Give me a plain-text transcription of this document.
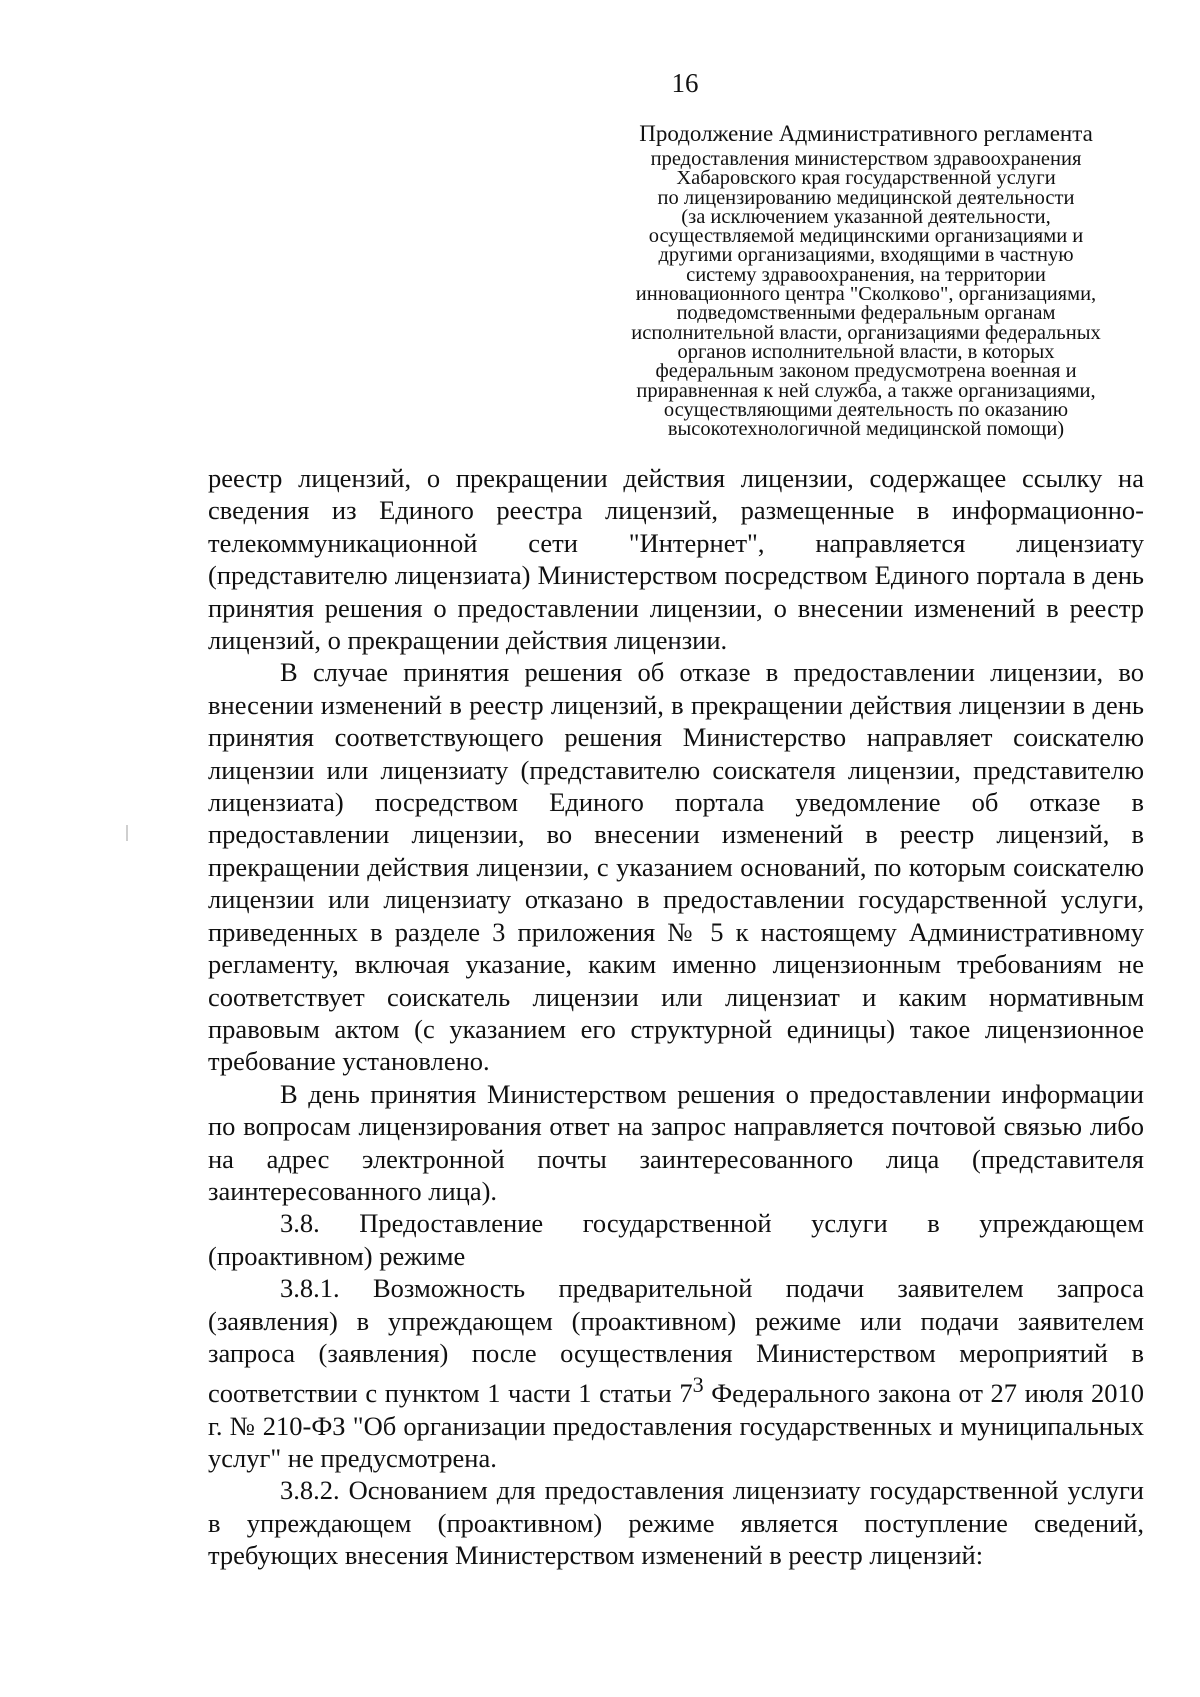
16
Продолжение Административного регламента
предоставления министерством здравоохранения
Хабаровского края государственной услуги
по лицензированию медицинской деятельности
(за исключением указанной деятельности,
осуществляемой медицинскими организациями и
другими организациями, входящими в частную
систему здравоохранения, на территории
инновационного центра "Сколково", организациями,
подведомственными федеральным органам
исполнительной власти, организациями федеральных
органов исполнительной власти, в которых
федеральным законом предусмотрена военная и
приравненная к ней служба, а также организациями,
осуществляющими деятельность по оказанию
высокотехнологичной медицинской помощи)

реестр лицензий, о прекращении действия лицензии, содержащее ссылку на сведения из Единого реестра лицензий, размещенные в информационно-телекоммуникационной сети "Интернет", направляется лицензиату (представителю лицензиата) Министерством посредством Единого портала в день принятия решения о предоставлении лицензии, о внесении изменений в реестр лицензий, о прекращении действия лицензии.

В случае принятия решения об отказе в предоставлении лицензии, во внесении изменений в реестр лицензий, в прекращении действия лицензии в день принятия соответствующего решения Министерство направляет соискателю лицензии или лицензиату (представителю соискателя лицензии, представителю лицензиата) посредством Единого портала уведомление об отказе в предоставлении лицензии, во внесении изменений в реестр лицензий, в прекращении действия лицензии, с указанием оснований, по которым соискателю лицензии или лицензиату отказано в предоставлении государственной услуги, приведенных в разделе 3 приложения № 5 к настоящему Административному регламенту, включая указание, каким именно лицензионным требованиям не соответствует соискатель лицензии или лицензиат и каким нормативным правовым актом (с указанием его структурной единицы) такое лицензионное требование установлено.

В день принятия Министерством решения о предоставлении информации по вопросам лицензирования ответ на запрос направляется почтовой связью либо на адрес электронной почты заинтересованного лица (представителя заинтересованного лица).

3.8. Предоставление государственной услуги в упреждающем (проактивном) режиме

3.8.1. Возможность предварительной подачи заявителем запроса (заявления) в упреждающем (проактивном) режиме или подачи заявителем запроса (заявления) после осуществления Министерством мероприятий в соответствии с пунктом 1 части 1 статьи $7^3$ Федерального закона от 27 июля 2010 г. № 210-ФЗ "Об организации предоставления государственных и муниципальных услуг" не предусмотрена.

3.8.2. Основанием для предоставления лицензиату государственной услуги в упреждающем (проактивном) режиме является поступление сведений, требующих внесения Министерством изменений в реестр лицензий:
